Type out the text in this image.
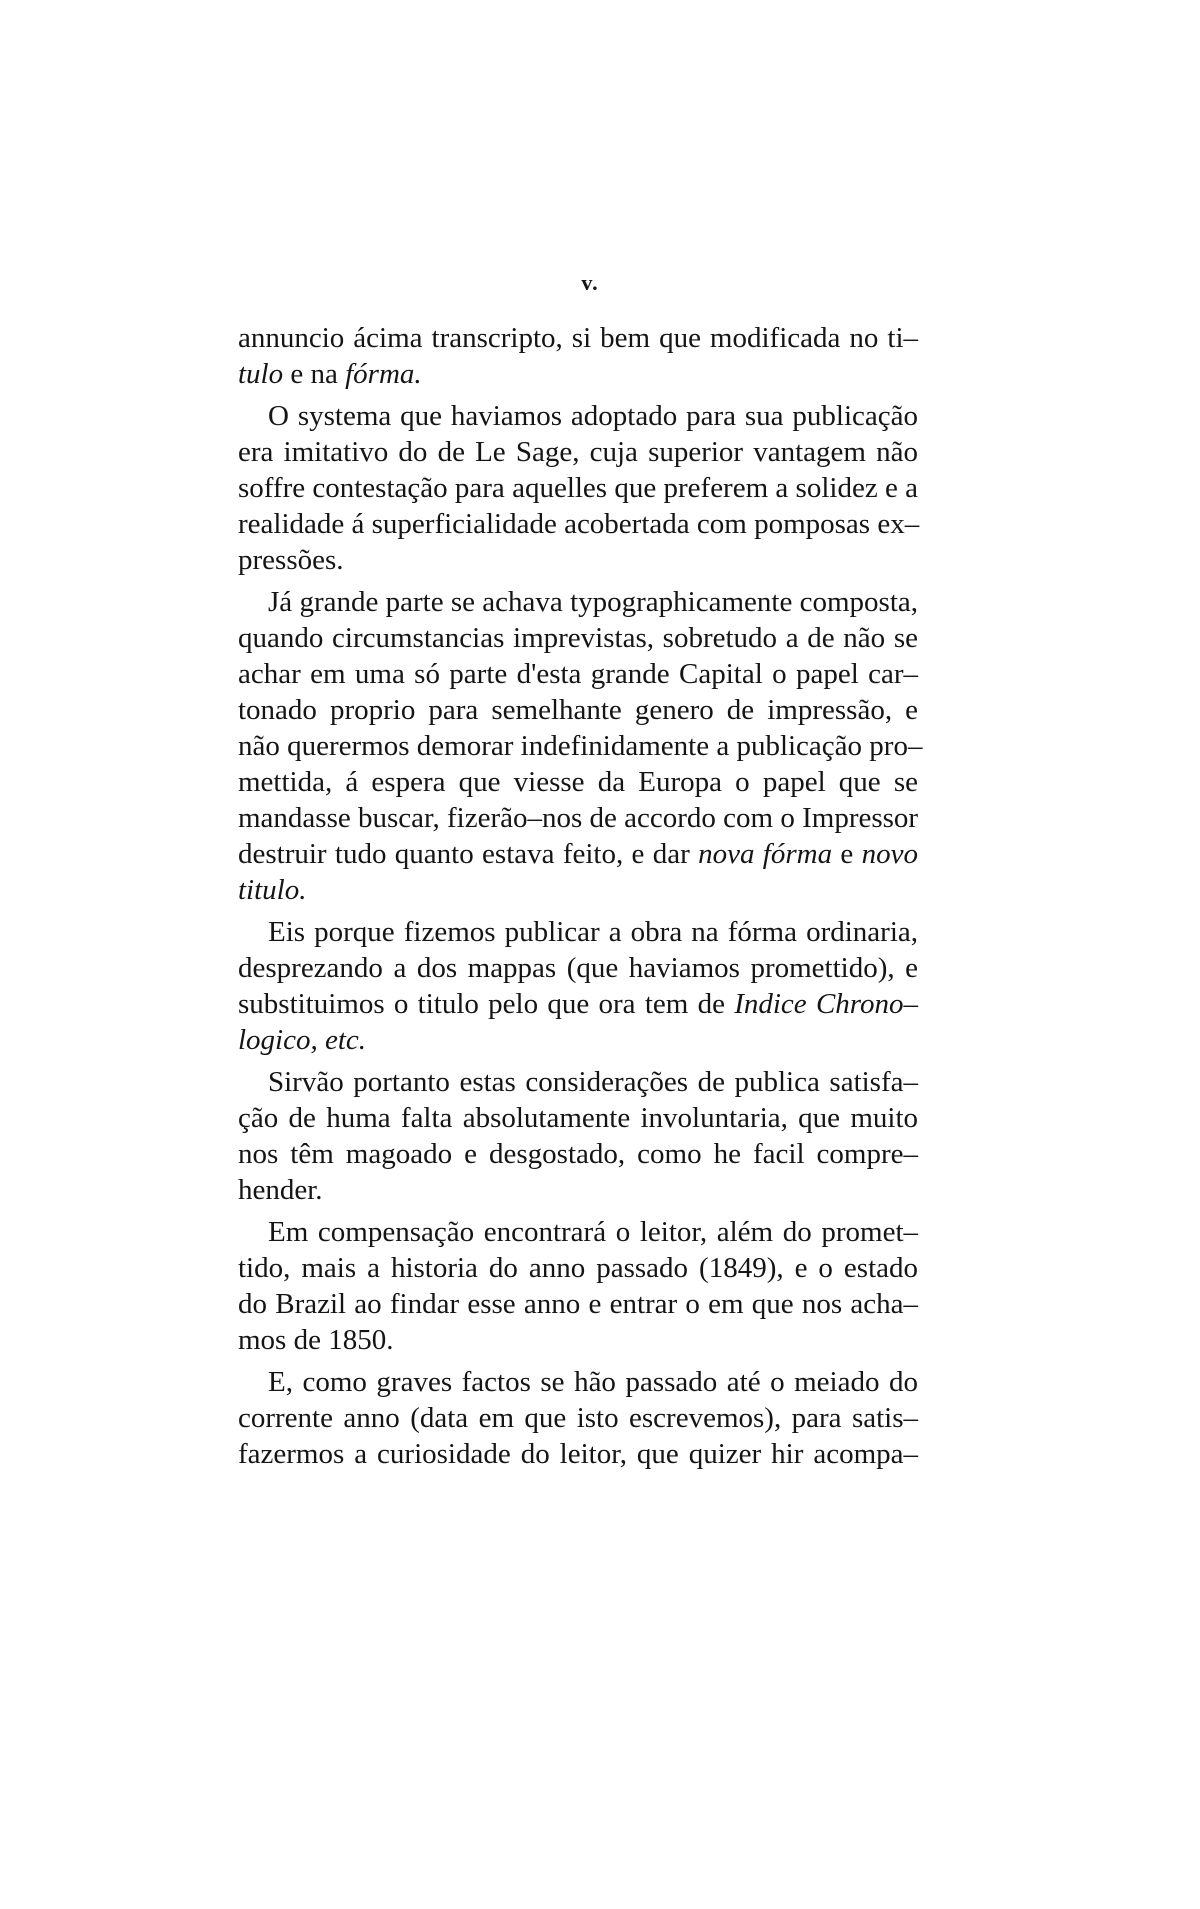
v.
annuncio ácima transcripto, si bem que modificada no ti–
tulo e na fórma.
O systema que haviamos adoptado para sua publicação
era imitativo do de Le Sage, cuja superior vantagem não
soffre contestação para aquelles que preferem a solidez e a
realidade á superficialidade acobertada com pomposas ex–
pressões.
Já grande parte se achava typographicamente composta,
quando circumstancias imprevistas, sobretudo a de não se
achar em uma só parte d'esta grande Capital o papel car–
tonado proprio para semelhante genero de impressão, e
não querermos demorar indefinidamente a publicação pro–
mettida, á espera que viesse da Europa o papel que se
mandasse buscar, fizerão–nos de accordo com o Impressor
destruir tudo quanto estava feito, e dar nova fórma e novo
titulo.
Eis porque fizemos publicar a obra na fórma ordinaria,
desprezando a dos mappas (que haviamos promettido), e
substituimos o titulo pelo que ora tem de Indice Chrono–
logico, etc.
Sirvão portanto estas considerações de publica satisfa–
ção de huma falta absolutamente involuntaria, que muito
nos têm magoado e desgostado, como he facil compre–
hender.
Em compensação encontrará o leitor, além do promet–
tido, mais a historia do anno passado (1849), e o estado
do Brazil ao findar esse anno e entrar o em que nos acha–
mos de 1850.
E, como graves factos se hão passado até o meiado do
corrente anno (data em que isto escrevemos), para satis–
fazermos a curiosidade do leitor, que quizer hir acompa–
